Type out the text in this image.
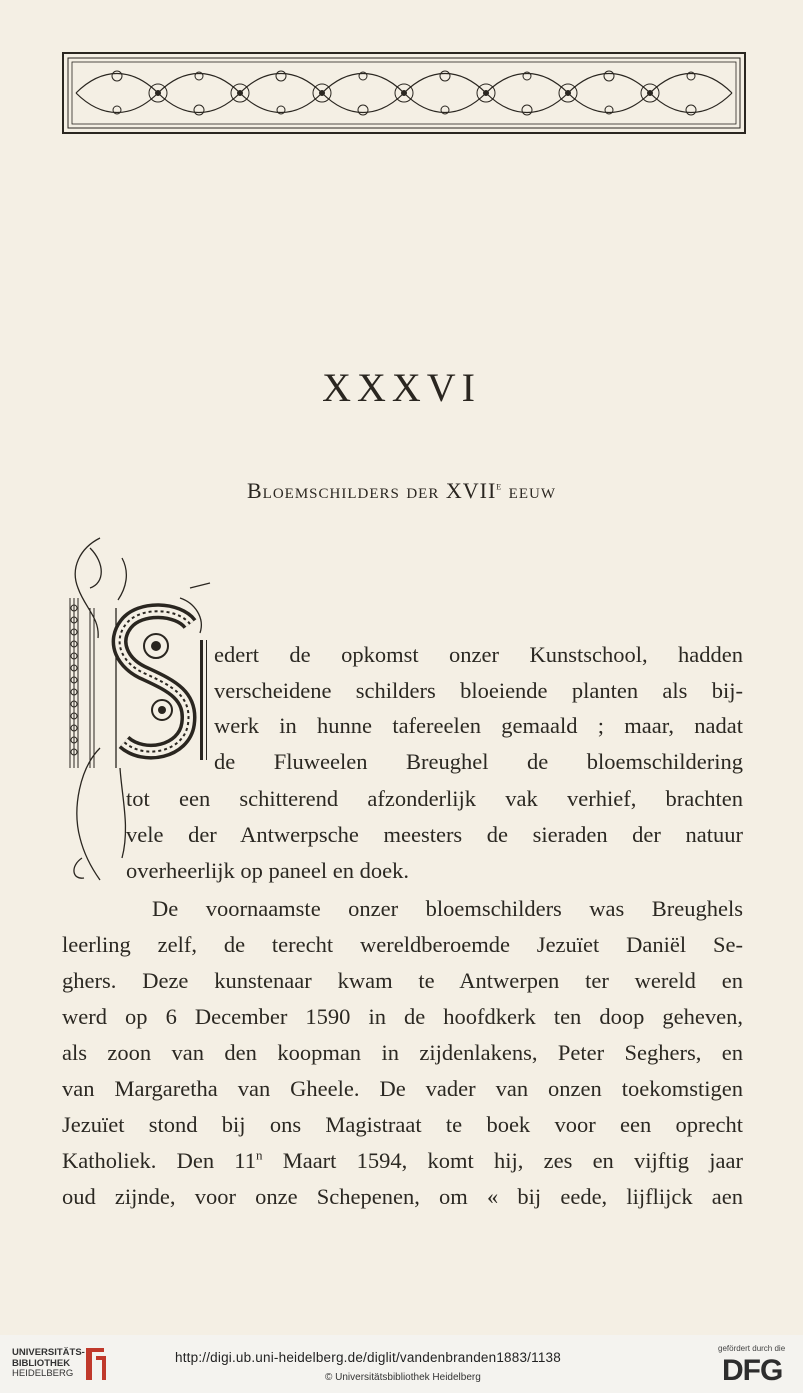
XXXVI
Bloemschilders der XVIIe eeuw
edert de opkomst onzer Kunstschool, hadden
verscheidene schilders bloeiende planten als bij-
werk in hunne tafereelen gemaald ; maar, nadat
de Fluweelen Breughel de bloemschildering
tot een schitterend afzonderlijk vak verhief, brachten
vele der Antwerpsche meesters de sieraden der natuur
overheerlijk op paneel en doek.
De voornaamste onzer bloemschilders was Breughels
leerling zelf, de terecht wereldberoemde Jezuïet Daniël Se-
ghers. Deze kunstenaar kwam te Antwerpen ter wereld en
werd op 6 December 1590 in de hoofdkerk ten doop geheven,
als zoon van den koopman in zijdenlakens, Peter Seghers, en
van Margaretha van Gheele. De vader van onzen toekomstigen
Jezuïet stond bij ons Magistraat te boek voor een oprecht
Katholiek. Den 11$^n$ Maart 1594, komt hij, zes en vijftig jaar
oud zijnde, voor onze Schepenen, om « bij eede, lijflijck aen
UNIVERSITÄTS-
BIBLIOTHEK
HEIDELBERG
http://digi.ub.uni-heidelberg.de/diglit/vandenbranden1883/1138
© Universitätsbibliothek Heidelberg
gefördert durch die
DFG
